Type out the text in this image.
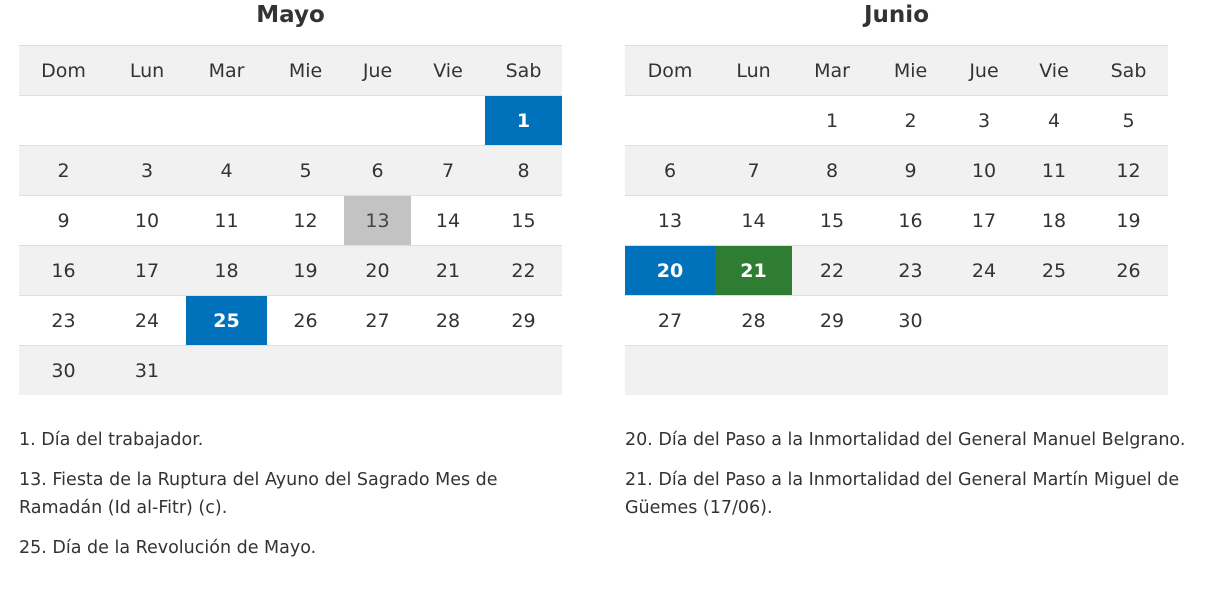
Mayo
Dom	Lun	Mar	Mie	Jue	Vie	Sab
						1
2	3	4	5	6	7	8
9	10	11	12	13	14	15
16	17	18	19	20	21	22
23	24	25	26	27	28	29
30	31					
Junio
Dom	Lun	Mar	Mie	Jue	Vie	Sab
		1	2	3	4	5
6	7	8	9	10	11	12
13	14	15	16	17	18	19
20	21	22	23	24	25	26
27	28	29	30			

1. Día del trabajador.

13. Fiesta de la Ruptura del Ayuno del Sagrado Mes de Ramadán (Id al-Fitr) (c).

25. Día de la Revolución de Mayo.

20. Día del Paso a la Inmortalidad del General Manuel Belgrano.

21. Día del Paso a la Inmortalidad del General Martín Miguel de Güemes (17/06).
